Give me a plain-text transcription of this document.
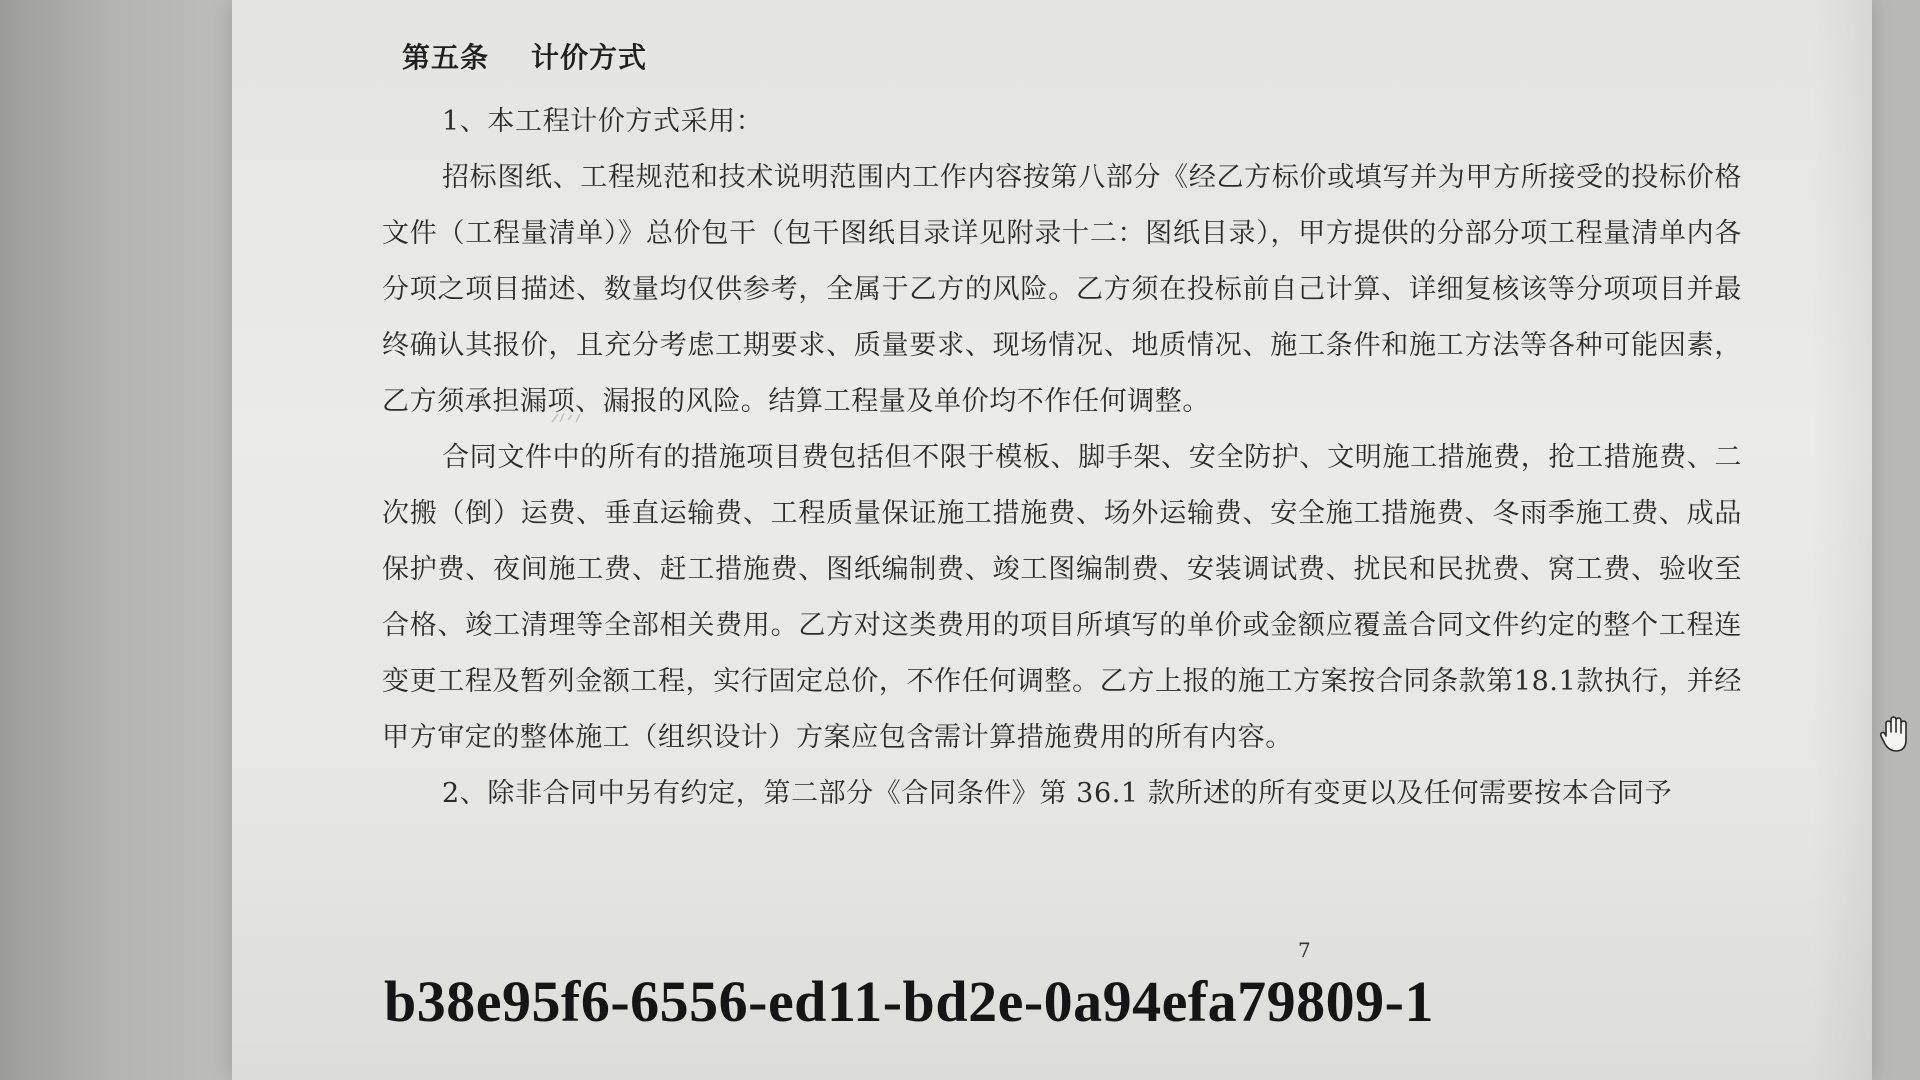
第五条 计价方式

1、本工程计价方式采用：

招标图纸、工程规范和技术说明范围内工作内容按第八部分《经乙方标价或填写并为甲方所接受的投标价格文件（工程量清单）》总价包干（包干图纸目录详见附录十二：图纸目录），甲方提供的分部分项工程量清单内各分项之项目描述、数量均仅供参考，全属于乙方的风险。乙方须在投标前自己计算、详细复核该等分项项目并最终确认其报价，且充分考虑工期要求、质量要求、现场情况、地质情况、施工条件和施工方法等各种可能因素，乙方须承担漏项、漏报的风险。结算工程量及单价均不作任何调整。

合同文件中的所有的措施项目费包括但不限于模板、脚手架、安全防护、文明施工措施费，抢工措施费、二次搬（倒）运费、垂直运输费、工程质量保证施工措施费、场外运输费、安全施工措施费、冬雨季施工费、成品保护费、夜间施工费、赶工措施费、图纸编制费、竣工图编制费、安装调试费、扰民和民扰费、窝工费、验收至合格、竣工清理等全部相关费用。乙方对这类费用的项目所填写的单价或金额应覆盖合同文件约定的整个工程连变更工程及暂列金额工程，实行固定总价，不作任何调整。乙方上报的施工方案按合同条款第18.1款执行，并经甲方审定的整体施工（组织设计）方案应包含需计算措施费用的所有内容。

2、除非合同中另有约定，第二部分《合同条件》第 36.1 款所述的所有变更以及任何需要按本合同予

7
b38e95f6-6556-ed11-bd2e-0a94efa79809-1
